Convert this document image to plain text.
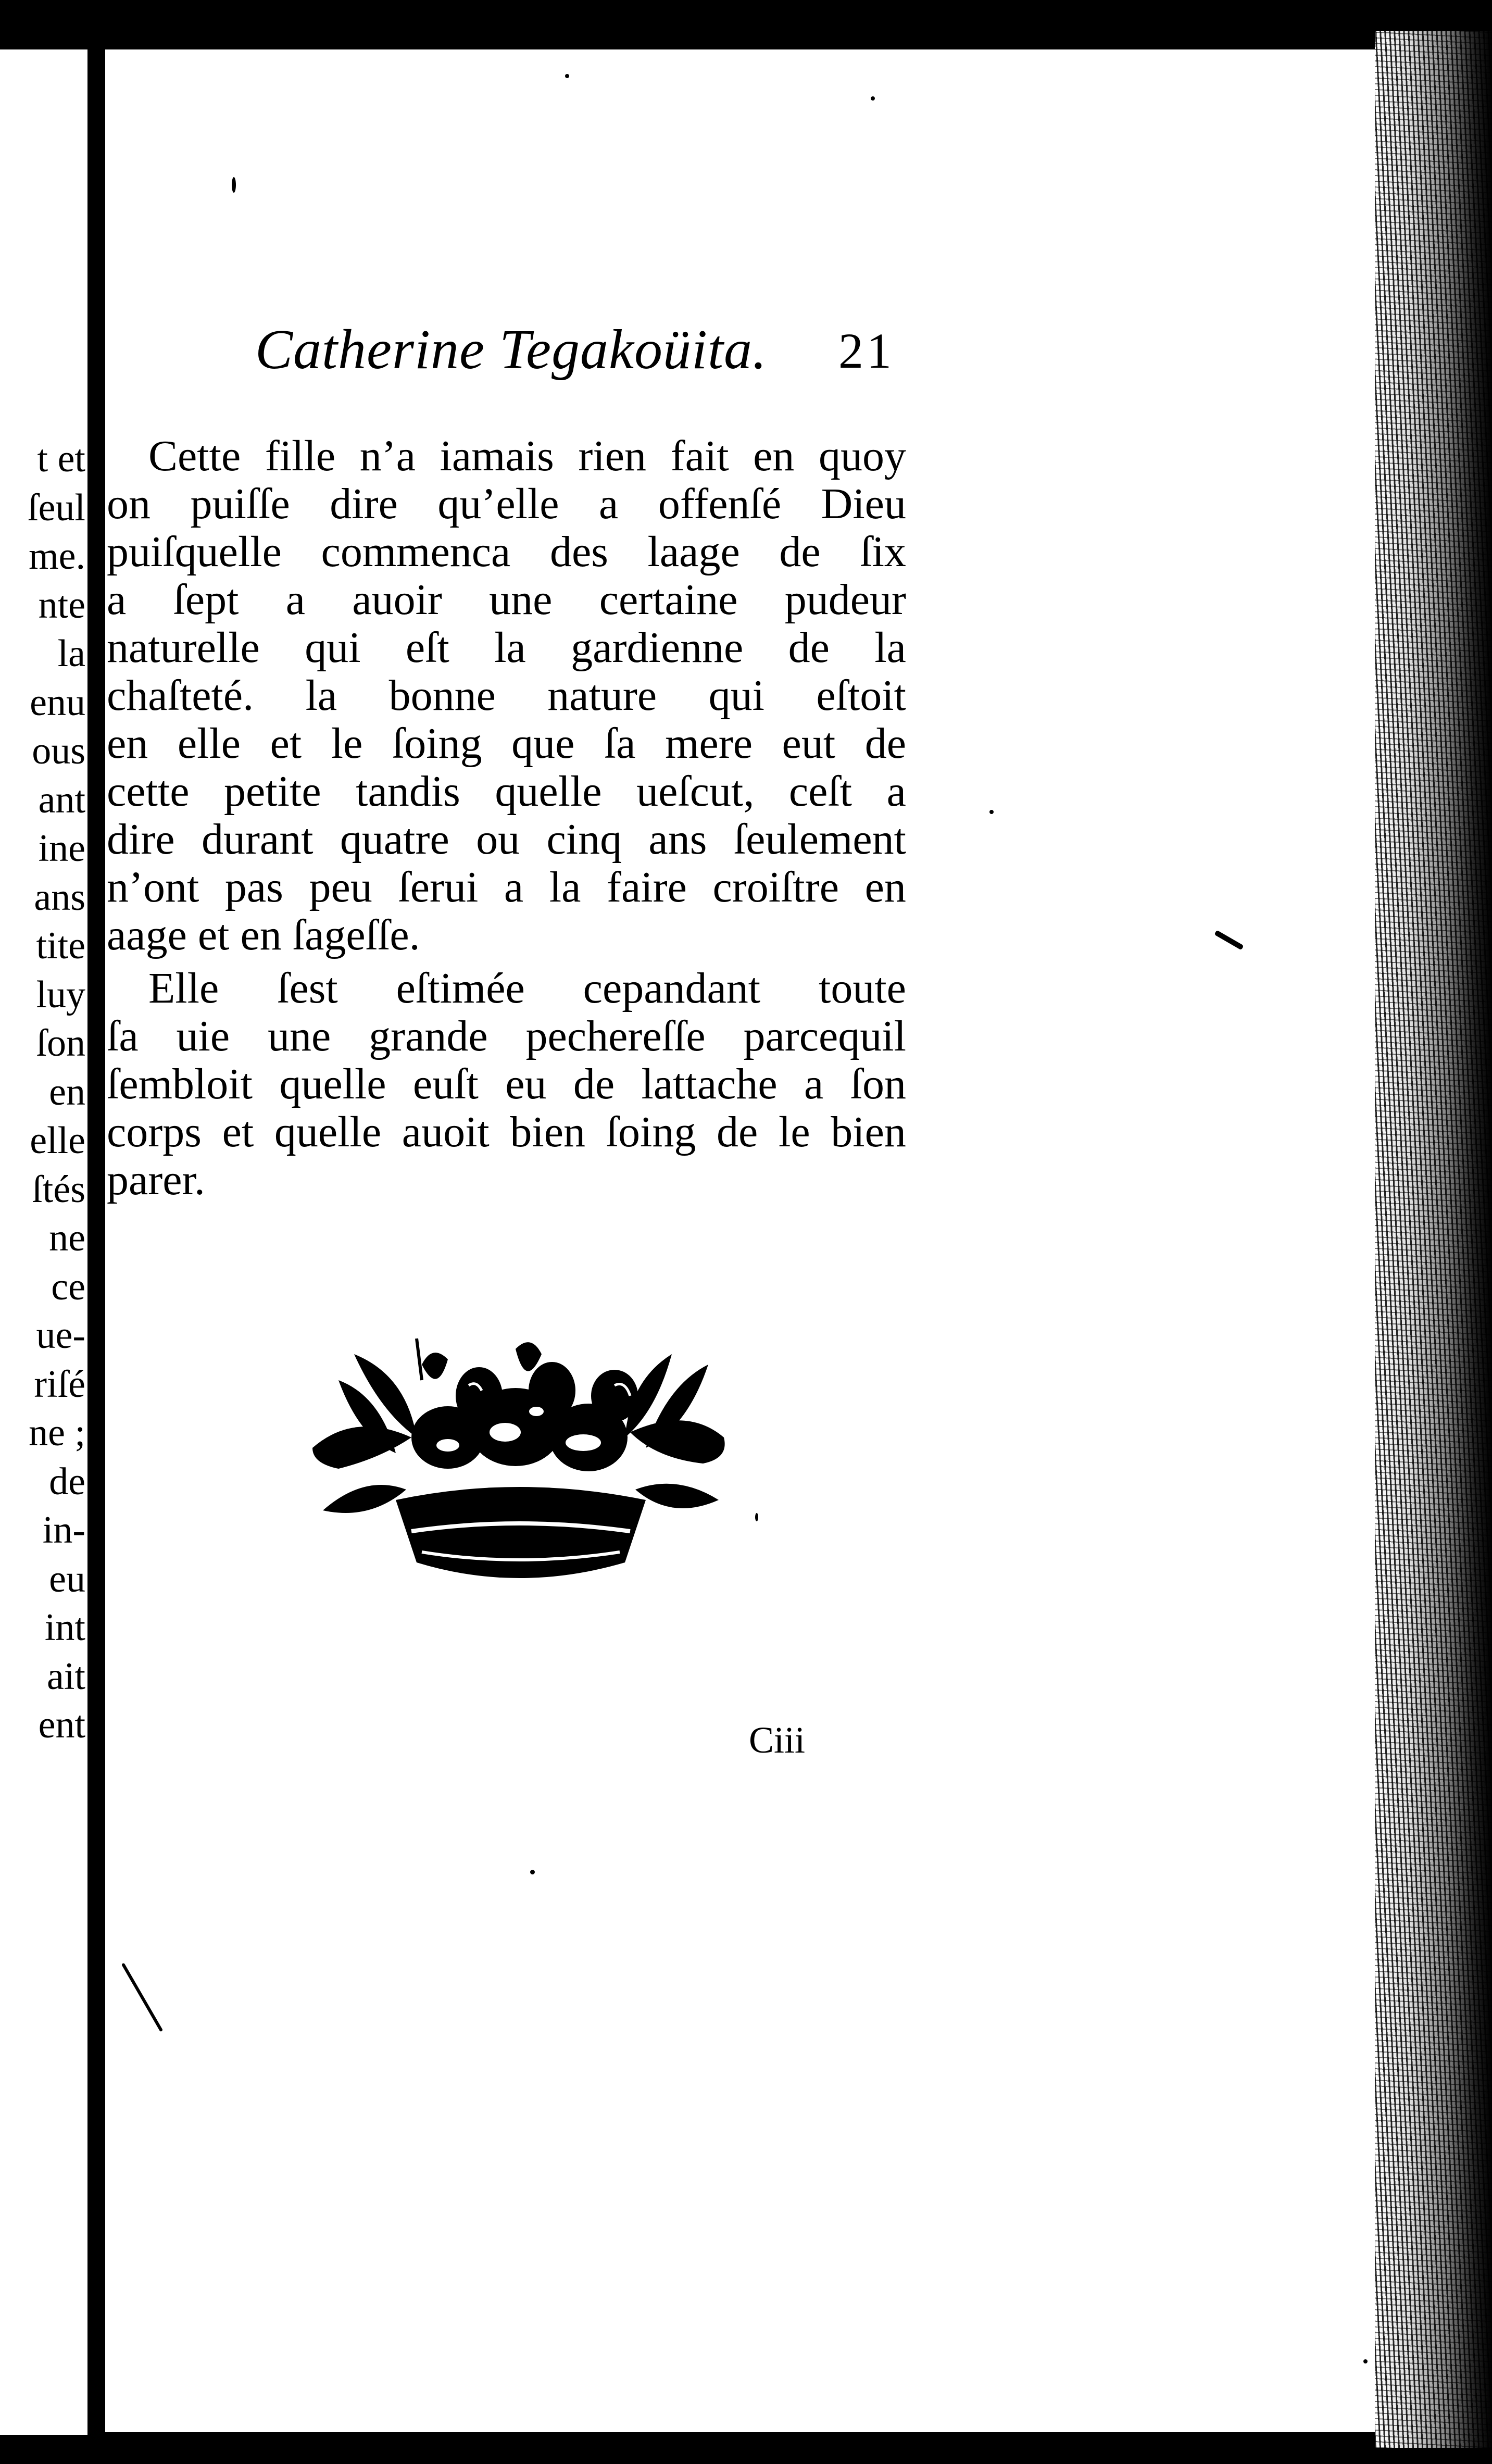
t et
ſeul
me.
nte
la
enu
ous
ant
ine
ans
tite
luy
ſon
en
elle
ſtés
ne
ce
ue-
riſé
ne ;
de
in-
eu
int
ait
ent
Catherine Tegakoüita. 21
Cette fille n’a iamais rien fait en quoy
on puiſſe dire qu’elle a offenſé Dieu
puiſquelle commenca des laage de ſix
a ſept a auoir une certaine pudeur
naturelle qui eſt la gardienne de la
chaſteté. la bonne nature qui eſtoit
en elle et le ſoing que ſa mere eut de
cette petite tandis quelle ueſcut, ceſt a
dire durant quatre ou cinq ans ſeulement
n’ont pas peu ſerui a la faire croiſtre en
aage et en ſageſſe.
Elle ſest eſtimée cepandant toute
ſa uie une grande pechereſſe parcequil
ſembloit quelle euſt eu de lattache a ſon
corps et quelle auoit bien ſoing de le bien
parer.
Ciii
